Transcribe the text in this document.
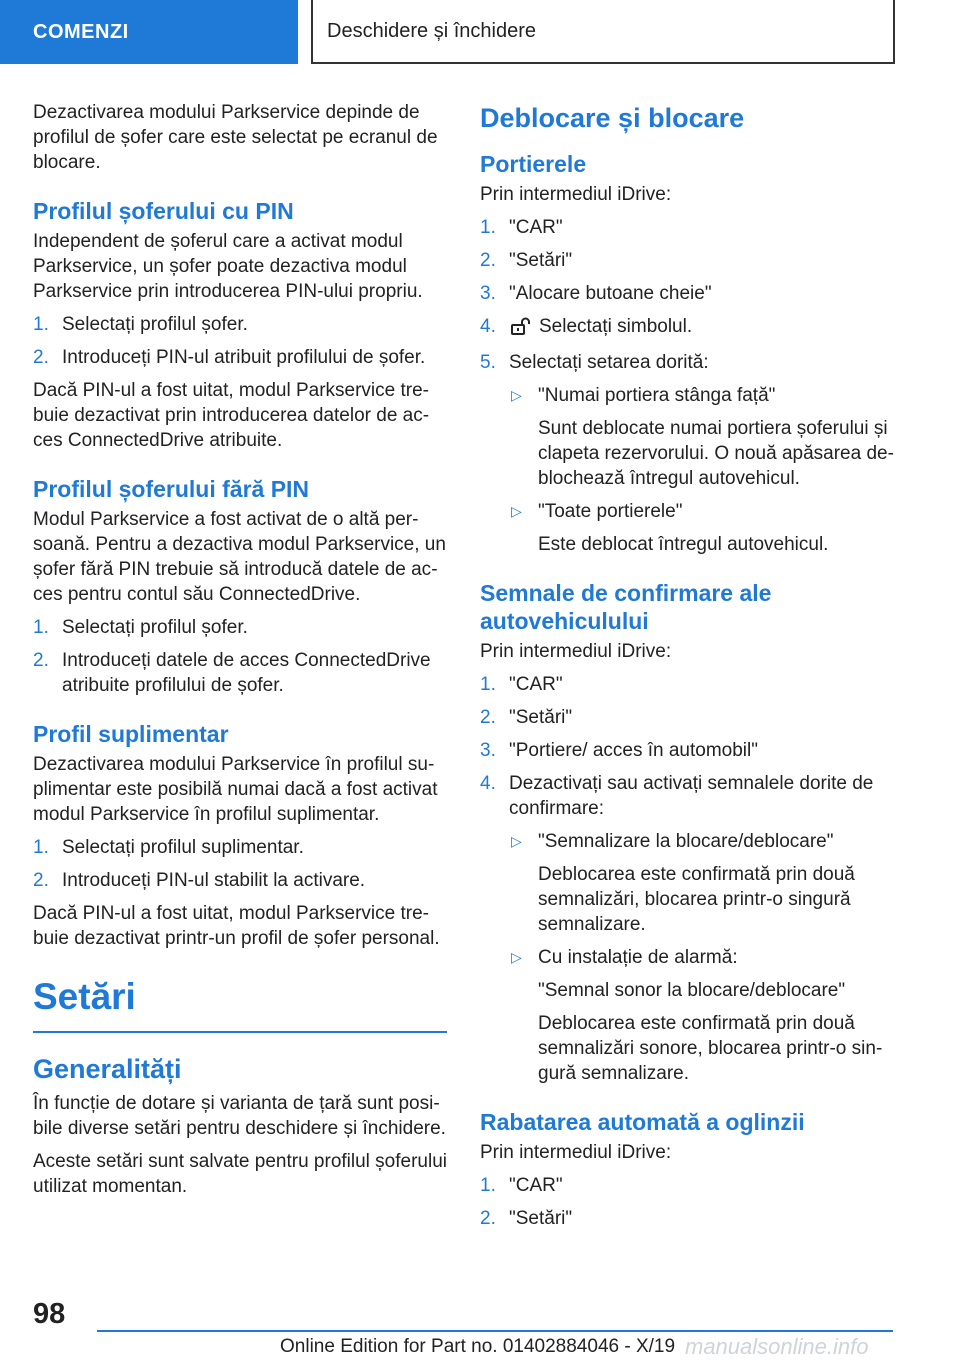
COMENZI	Deschidere și închidere

Dezactivarea modului Parkservice depinde de profilul de șofer care este selectat pe ecranul de blocare.

Profilul șoferului cu PIN

Independent de șoferul care a activat modul Parkservice, un șofer poate dezactiva modul Parkservice prin introducerea PIN-ului propriu.

1. Selectați profilul șofer.
2. Introduceți PIN-ul atribuit profilului de șofer.

Dacă PIN-ul a fost uitat, modul Parkservice trebuie dezactivat prin introducerea datelor de acces ConnectedDrive atribuite.

Profilul șoferului fără PIN

Modul Parkservice a fost activat de o altă persoană. Pentru a dezactiva modul Parkservice, un șofer fără PIN trebuie să introducă datele de acces pentru contul său ConnectedDrive.

1. Selectați profilul șofer.
2. Introduceți datele de acces ConnectedDrive atribuite profilului de șofer.
Profil suplimentar

Dezactivarea modului Parkservice în profilul suplimentar este posibilă numai dacă a fost activat modul Parkservice în profilul suplimentar.

1. Selectați profilul suplimentar.
2. Introduceți PIN-ul stabilit la activare.

Dacă PIN-ul a fost uitat, modul Parkservice trebuie dezactivat printr-un profil de șofer personal.

Setări
Generalități

În funcție de dotare și varianta de țară sunt posibile diverse setări pentru deschidere și închidere.

Aceste setări sunt salvate pentru profilul șoferului utilizat momentan.

Deblocare și blocare
Portierele

Prin intermediul iDrive:

1. "CAR"
2. "Setări"
3. "Alocare butoane cheie"
4. Selectați simbolul.
5. Selectați setarea dorită:
▷ "Numai portiera stânga față"
Sunt deblocate numai portiera șoferului și clapeta rezervorului. O nouă apăsarea deblochează întregul autovehicul.
▷ "Toate portierele"
Este deblocat întregul autovehicul.
Semnale de confirmare ale autovehiculului

Prin intermediul iDrive:

1. "CAR"
2. "Setări"
3. "Portiere/ acces în automobil"
4. Dezactivați sau activați semnalele dorite de confirmare:
▷ "Semnalizare la blocare/deblocare"
Deblocarea este confirmată prin două semnalizări, blocarea printr-o singură semnalizare.
▷ Cu instalație de alarmă:
"Semnal sonor la blocare/deblocare"
Deblocarea este confirmată prin două semnalizări sonore, blocarea printr-o singură semnalizare.
Rabatarea automată a oglinzii

Prin intermediul iDrive:

1. "CAR"
2. "Setări"
98
Online Edition for Part no. 01402884046 - X/19 manualsonline.info
